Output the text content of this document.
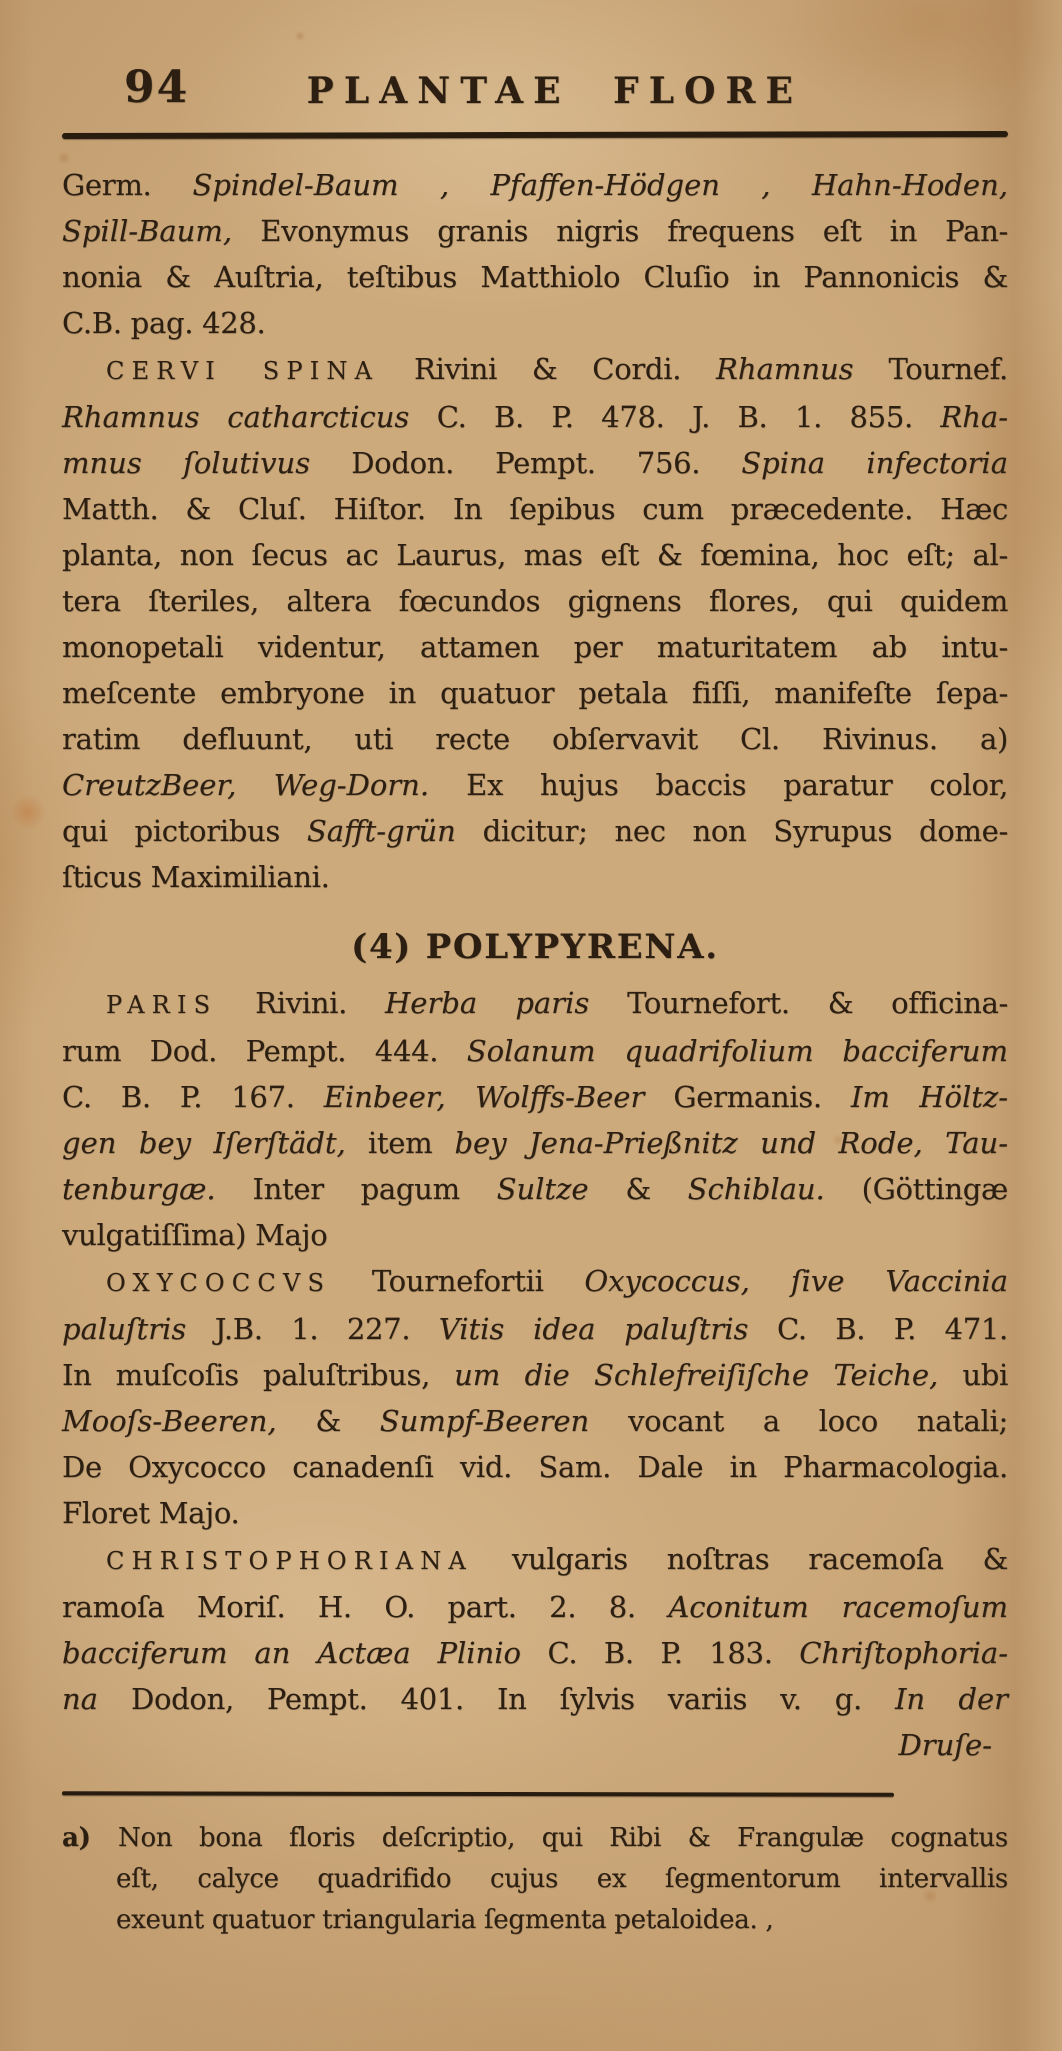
94	PLANTAE FLORE
Germ. Spindel-Baum , Pfaffen-Hödgen , Hahn-Hoden,
Spill-Baum, Evonymus granis nigris frequens eſt in Pan-
nonia & Auſtria, teſtibus Matthiolo Cluſio in Pannonicis &
C.B. pag. 428.
CERVI SPINA Rivini & Cordi. Rhamnus Tournef.
Rhamnus catharcticus C. B. P. 478. J. B. 1. 855. Rha-
mnus ſolutivus Dodon. Pempt. 756. Spina infectoria
Matth. & Cluſ. Hiſtor. In ſepibus cum præcedente. Hæc
planta, non ſecus ac Laurus, mas eſt & fœmina, hoc eſt; al-
tera ſteriles, altera fœcundos gignens flores, qui quidem
monopetali videntur, attamen per maturitatem ab intu-
meſcente embryone in quatuor petala fiſſi, manifeſte ſepa-
ratim defluunt, uti recte obſervavit Cl. Rivinus. a)
CreutzBeer, Weg-Dorn. Ex hujus baccis paratur color,
qui pictoribus Safft-grün dicitur; nec non Syrupus dome-
ſticus Maximiliani.
(4) POLYPYRENA.
PARIS Rivini. Herba paris Tournefort. & officina-
rum Dod. Pempt. 444. Solanum quadrifolium bacciferum
C. B. P. 167. Einbeer, Wolffs-Beer Germanis. Im Höltz-
gen bey Iſerſtädt, item bey Jena-Prießnitz und Rode, Tau-
tenburgæ. Inter pagum Sultze & Schiblau. (Göttingæ
vulgatiſſima) Majo
OXYCOCCVS Tournefortii Oxycoccus, ſive Vaccinia
paluſtris J.B. 1. 227. Vitis idea paluſtris C. B. P. 471.
In muſcoſis paluſtribus, um die Schlefreiſiſche Teiche, ubi
Mooſs-Beeren, & Sumpf-Beeren vocant a loco natali;
De Oxycocco canadenſi vid. Sam. Dale in Pharmacologia.
Floret Majo.
CHRISTOPHORIANA vulgaris noſtras racemoſa &
ramoſa Moriſ. H. O. part. 2. 8. Aconitum racemoſum
bacciferum an Actæa Plinio C. B. P. 183. Chriſtophoria-
na Dodon, Pempt. 401. In ſylvis variis v. g. In der
Druſe-
a) Non bona floris deſcriptio, qui Ribi & Frangulæ cognatus
eſt, calyce quadrifido cujus ex ſegmentorum intervallis
exeunt quatuor triangularia ſegmenta petaloidea. ,
